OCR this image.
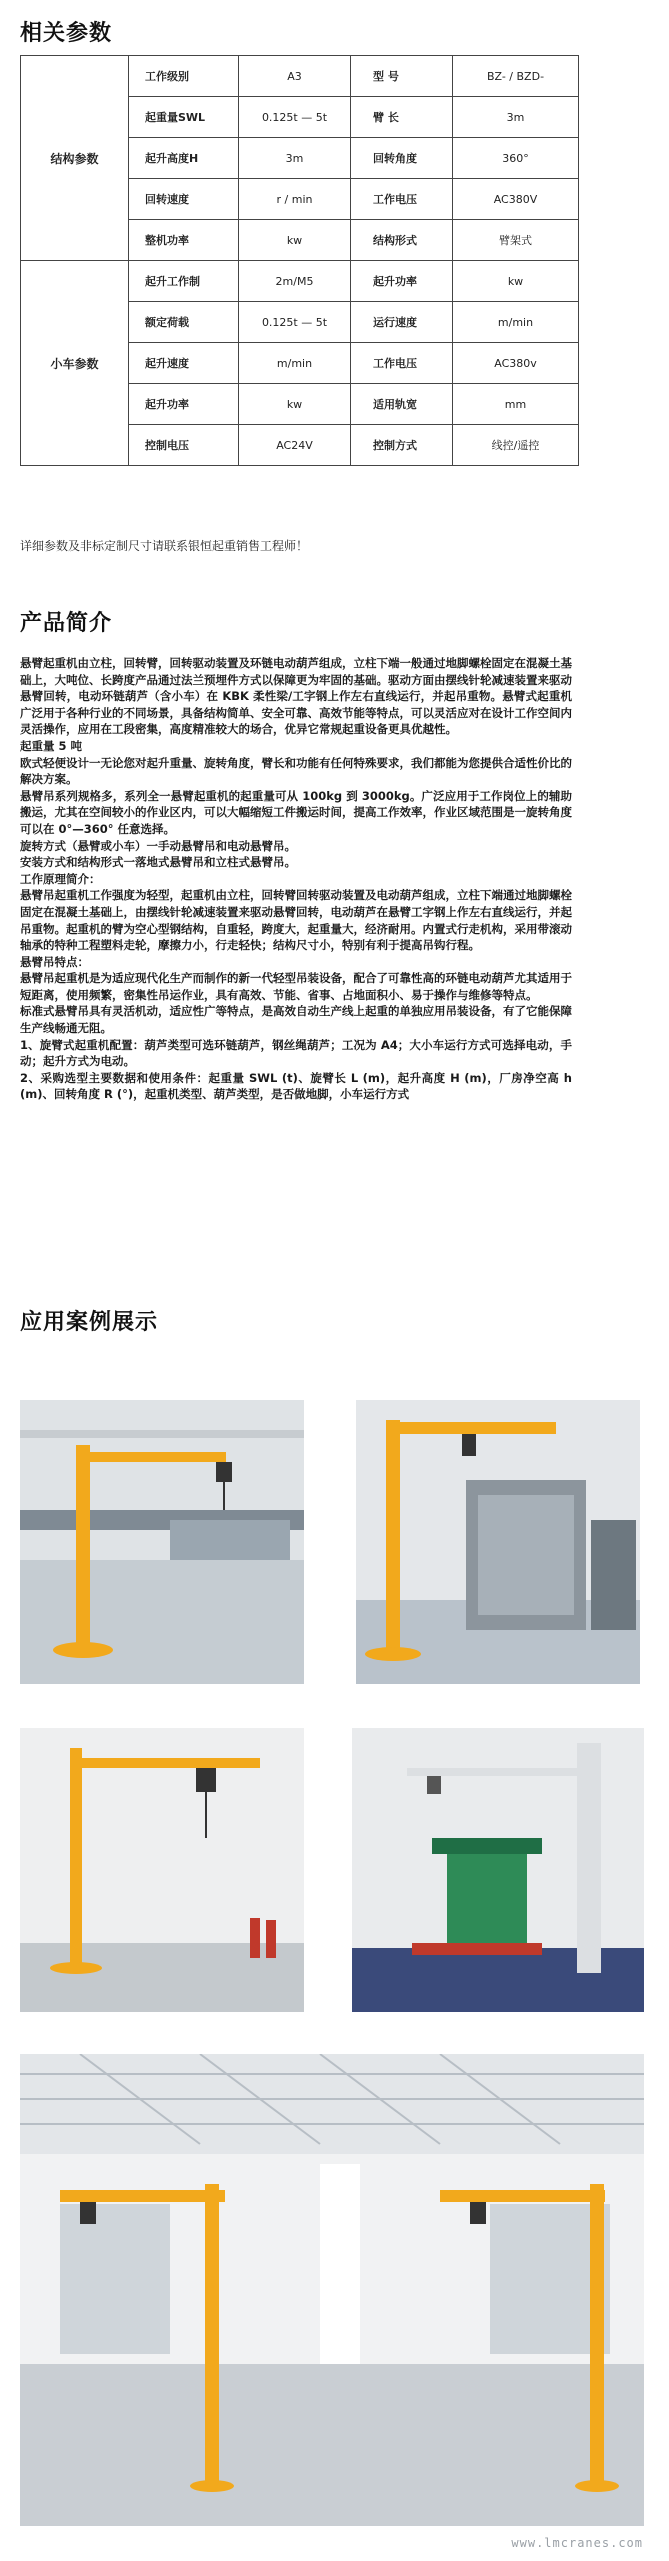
相关参数
结构参数	工作级别	A3	型 号	BZ- / BZD-
	起重量SWL	0.125t — 5t	臂 长	3m
	起升高度H	3m	回转角度	360°
	回转速度	r / min	工作电压	AC380V
	整机功率	kw	结构形式	臂架式
小车参数	起升工作制	2m/M5	起升功率	kw
	额定荷载	0.125t — 5t	运行速度	m/min
	起升速度	m/min	工作电压	AC380v
	起升功率	kw	适用轨宽	mm
	控制电压	AC24V	控制方式	线控/遥控
详细参数及非标定制尺寸请联系银恒起重销售工程师！
产品简介

悬臂起重机由立柱，回转臂，回转驱动装置及环链电动葫芦组成，立柱下端一般通过地脚螺栓固定在混凝土基础上，大吨位、长跨度产品通过法兰预埋件方式以保障更为牢固的基础。驱动方面由摆线针轮减速装置来驱动悬臂回转，电动环链葫芦（含小车）在 KBK 柔性梁/工字钢上作左右直线运行，并起吊重物。悬臂式起重机广泛用于各种行业的不同场景，具备结构简单、安全可靠、高效节能等特点，可以灵活应对在设计工作空间内灵活操作，应用在工段密集，高度精准较大的场合，优异它常规起重设备更具优越性。

起重量 5 吨

欧式轻便设计一无论您对起升重量、旋转角度，臂长和功能有任何特殊要求，我们都能为您提供合适性价比的解决方案。

悬臂吊系列规格多，系列全一悬臂起重机的起重量可从 100kg 到 3000kg。广泛应用于工作岗位上的辅助搬运，尤其在空间较小的作业区内，可以大幅缩短工件搬运时间，提高工作效率，作业区域范围是一旋转角度可以在 0°—360° 任意选择。

旋转方式（悬臂或小车）一手动悬臂吊和电动悬臂吊。

安装方式和结构形式一落地式悬臂吊和立柱式悬臂吊。

工作原理简介：

悬臂吊起重机工作强度为轻型，起重机由立柱，回转臂回转驱动装置及电动葫芦组成，立柱下端通过地脚螺栓固定在混凝土基础上，由摆线针轮减速装置来驱动悬臂回转，电动葫芦在悬臂工字钢上作左右直线运行，并起吊重物。起重机的臂为空心型钢结构，自重轻，跨度大，起重量大，经济耐用。内置式行走机构，采用带滚动轴承的特种工程塑料走轮，摩擦力小，行走轻快；结构尺寸小，特别有利于提高吊钩行程。

悬臂吊特点：

悬臂吊起重机是为适应现代化生产而制作的新一代轻型吊装设备，配合了可靠性高的环链电动葫芦尤其适用于短距离，使用频繁，密集性吊运作业，具有高效、节能、省事、占地面积小、易于操作与维修等特点。

标准式悬臂吊具有灵活机动，适应性广等特点，是高效自动生产线上起重的单独应用吊装设备，有了它能保障生产线畅通无阻。

1、旋臂式起重机配置：葫芦类型可选环链葫芦，钢丝绳葫芦；工况为 A4；大小车运行方式可选择电动，手动；起升方式为电动。

2、采购选型主要数据和使用条件：起重量 SWL (t)、旋臂长 L (m)，起升高度 H (m)，厂房净空高 h (m)、回转角度 R (°)，起重机类型、葫芦类型，是否做地脚，小车运行方式

应用案例展示
www.lmcranes.com
